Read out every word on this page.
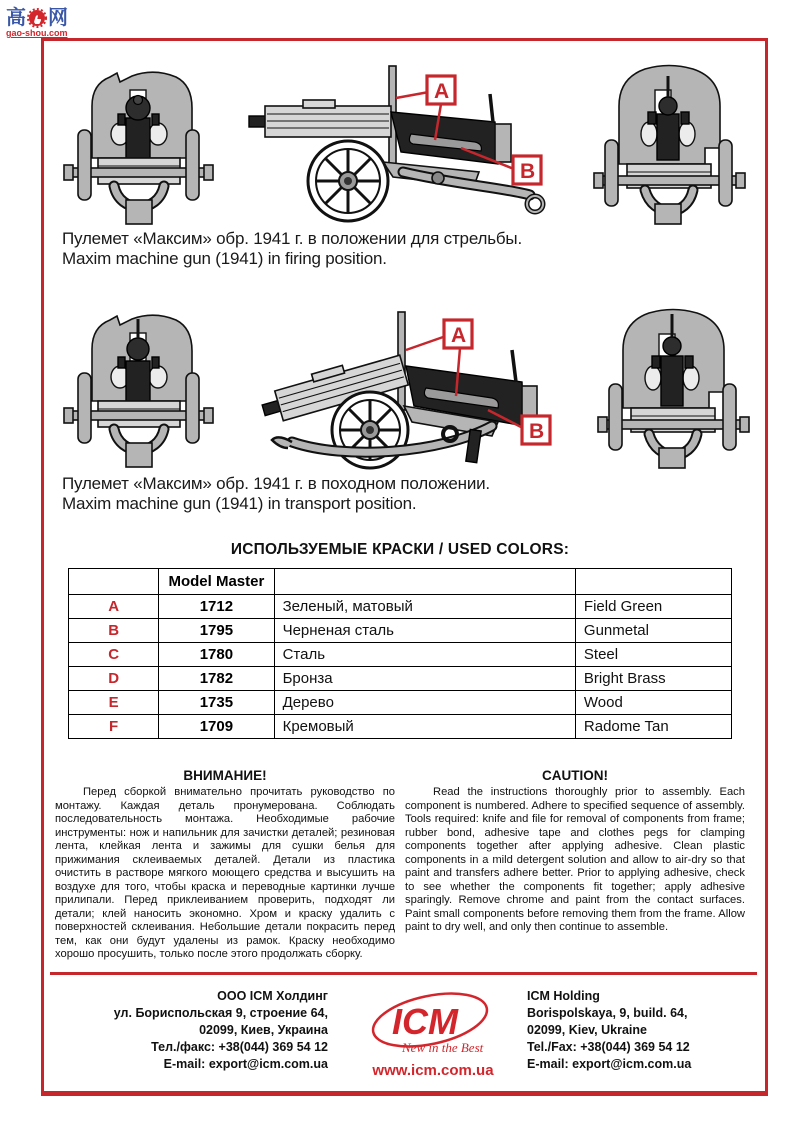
高 网
gao-shou.com
A
B
Пулемет «Максим» обр. 1941 г. в положении для стрельбы.
Maxim machine gun (1941) in firing position.
A
B
Пулемет «Максим» обр. 1941 г. в походном положении.
Maxim machine gun (1941) in transport position.
ИСПОЛЬЗУЕМЫЕ КРАСКИ / USED COLORS:
	Model Master		
A	1712	Зеленый, матовый	Field Green
B	1795	Черненая сталь	Gunmetal
C	1780	Сталь	Steel
D	1782	Бронза	Bright Brass
E	1735	Дерево	Wood
F	1709	Кремовый	Radome Tan
ВНИМАНИЕ!

Перед сборкой внимательно прочитать руководство по монтажу. Каждая деталь пронумерована. Соблюдать последовательность монтажа. Необходимые рабочие инструменты: нож и напильник для зачистки деталей; резиновая лента, клейкая лента и зажимы для сушки белья для прижимания склеиваемых деталей. Детали из пластика очистить в растворе мягкого моющего средства и высушить на воздухе для того, чтобы краска и переводные картинки лучше прилипали. Перед приклеиванием проверить, подходят ли детали; клей наносить экономно. Хром и краску удалить с поверхностей склеивания. Небольшие детали покрасить перед тем, как они будут удалены из рамок. Краску необходимо хорошо просушить, только после этого продолжать сборку.

CAUTION!

Read the instructions thoroughly prior to assembly. Each component is numbered. Adhere to specified sequence of assembly. Tools required: knife and file for removal of components from frame; rubber bond, adhesive tape and clothes pegs for clamping components together after applying adhesive. Clean plastic components in a mild detergent solution and allow to air-dry so that paint and transfers adhere better. Prior to applying adhesive, check to see whether the components fit together; apply adhesive sparingly. Remove chrome and paint from the contact surfaces. Paint small components before removing them from the frame. Allow paint to dry well, and only then continue to assemble.

ООО ICM Холдинг
ул. Бориспольская 9, строение 64,
02099, Киев, Украина
Тел./факс: +38(044) 369 54 12
E-mail: export@icm.com.ua
ICM
New in the Best
www.icm.com.ua
ICM Holding
Borispolskaya, 9, build. 64,
02099, Kiev, Ukraine
Tel./Fax: +38(044) 369 54 12
E-mail: export@icm.com.ua
